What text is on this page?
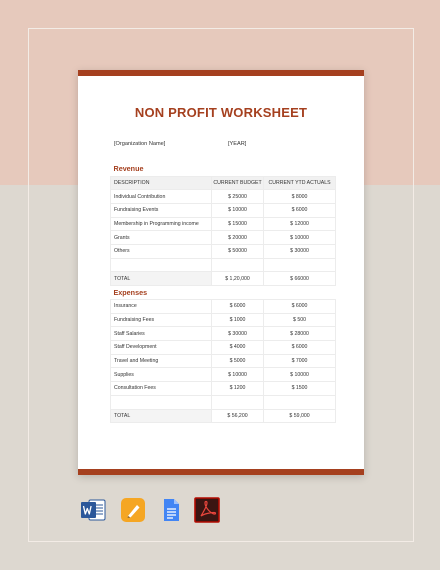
NON PROFIT WORKSHEET
[Organization Name]	[YEAR]
Revenue		
DESCRIPTION	CURRENT BUDGET	CURRENT YTD ACTUALS
Individual Contribution	$ 25000	$ 8000
Fundraising Events	$ 10000	$ 6000
Membership in Programming income	$ 15000	$ 12000
Grants	$ 20000	$ 10000
Others	$ 50000	$ 30000

TOTAL	$ 1,20,000	$ 66000
Expenses		
Insurance	$ 6000	$ 6000
Fundraising Fees	$ 1000	$ 500
Staff Salaries	$ 30000	$ 28000
Staff Development	$ 4000	$ 6000
Travel and Meeting	$ 5000	$ 7000
Supplies	$ 10000	$ 10000
Consultation Fees	$ 1200	$ 1500

TOTAL	$ 56,200	$ 59,000
